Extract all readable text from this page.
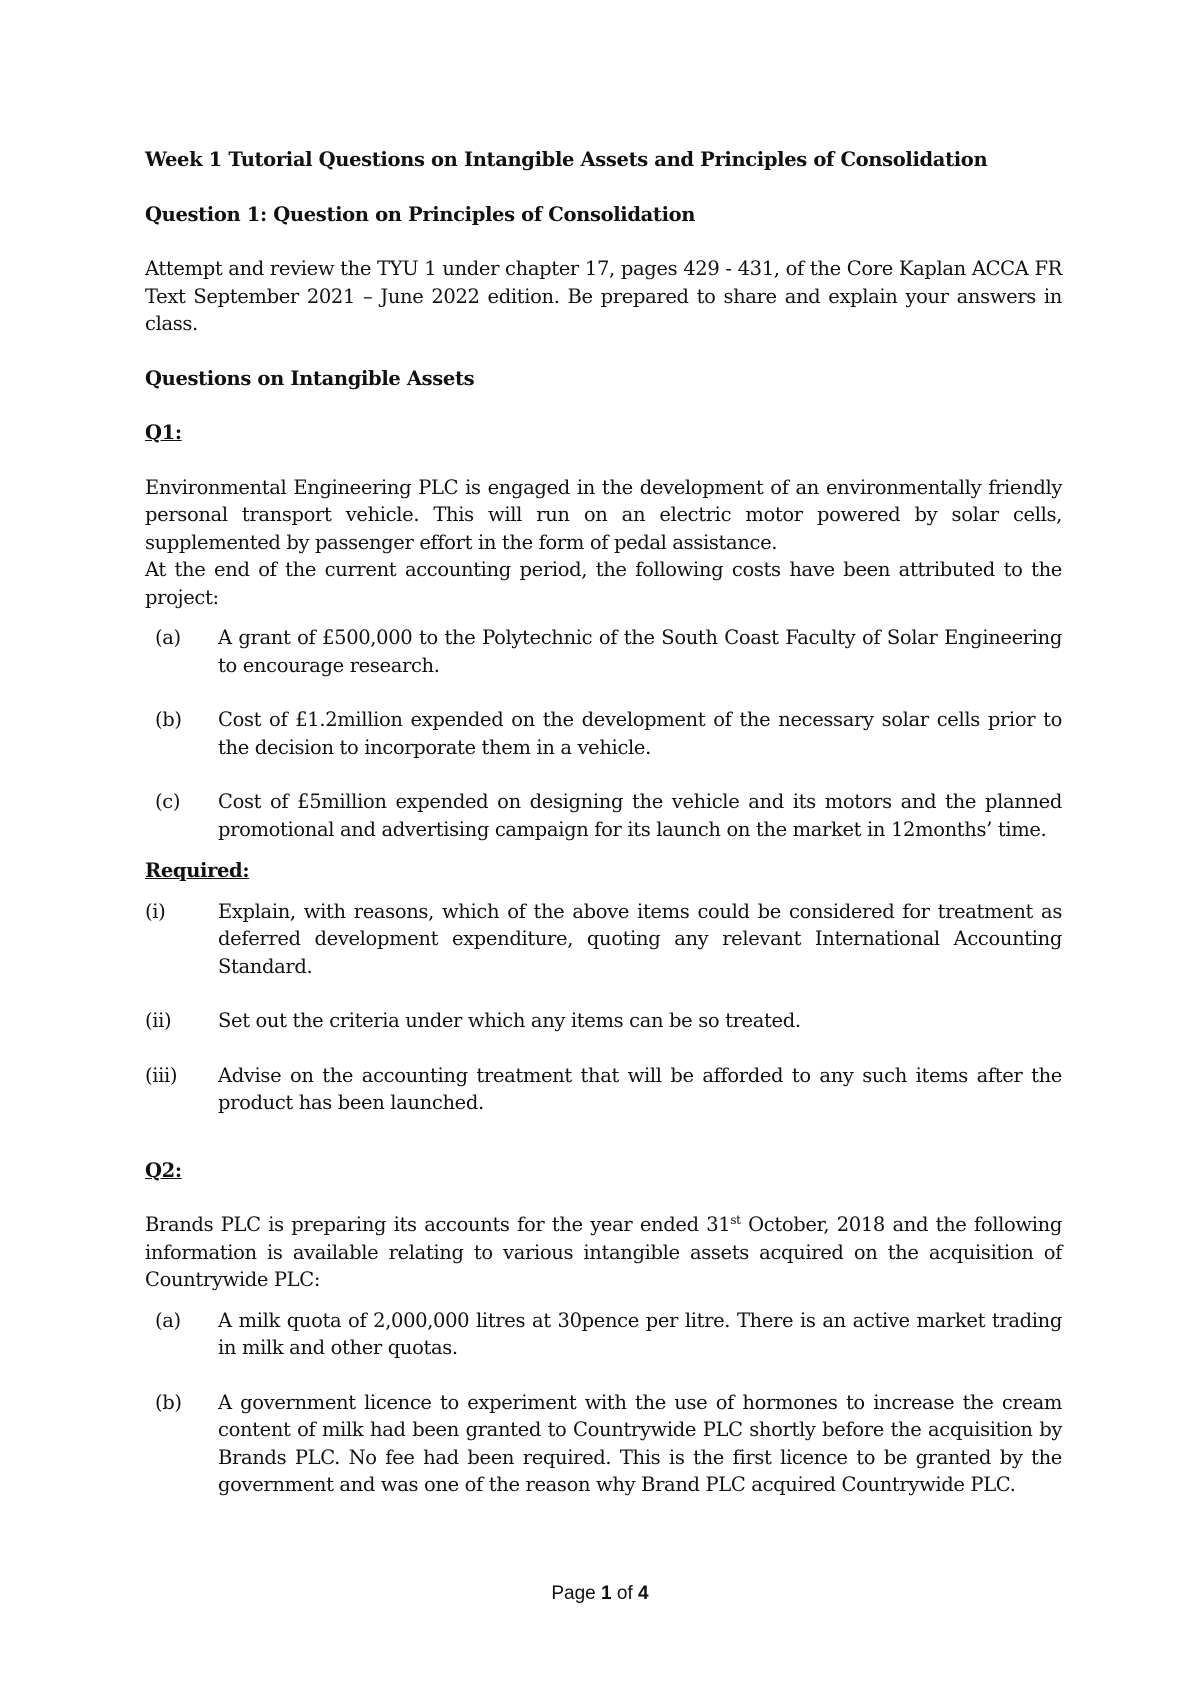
Week 1 Tutorial Questions on Intangible Assets and Principles of Consolidation

Question 1: Question on Principles of Consolidation

Attempt and review the TYU 1 under chapter 17, pages 429 - 431, of the Core Kaplan ACCA FR Text September 2021 – June 2022 edition. Be prepared to share and explain your answers in class.

Questions on Intangible Assets

Q1:

Environmental Engineering PLC is engaged in the development of an environmentally friendly personal transport vehicle. This will run on an electric motor powered by solar cells, supplemented by passenger effort in the form of pedal assistance.

At the end of the current accounting period, the following costs have been attributed to the project:

(a)	A grant of £500,000 to the Polytechnic of the South Coast Faculty of Solar Engineering to encourage research.
(b)	Cost of £1.2million expended on the development of the necessary solar cells prior to the decision to incorporate them in a vehicle.
(c)	Cost of £5million expended on designing the vehicle and its motors and the planned promotional and advertising campaign for its launch on the market in 12months’ time.

Required:

(i)	Explain, with reasons, which of the above items could be considered for treatment as deferred development expenditure, quoting any relevant International Accounting Standard.
(ii)	Set out the criteria under which any items can be so treated.
(iii)	Advise on the accounting treatment that will be afforded to any such items after the product has been launched.

Q2:

Brands PLC is preparing its accounts for the year ended 31st October, 2018 and the following information is available relating to various intangible assets acquired on the acquisition of Countrywide PLC:

(a)	A milk quota of 2,000,000 litres at 30pence per litre. There is an active market trading in milk and other quotas.
(b)	A government licence to experiment with the use of hormones to increase the cream content of milk had been granted to Countrywide PLC shortly before the acquisition by Brands PLC. No fee had been required. This is the first licence to be granted by the government and was one of the reason why Brand PLC acquired Countrywide PLC.
Page 1 of 4
